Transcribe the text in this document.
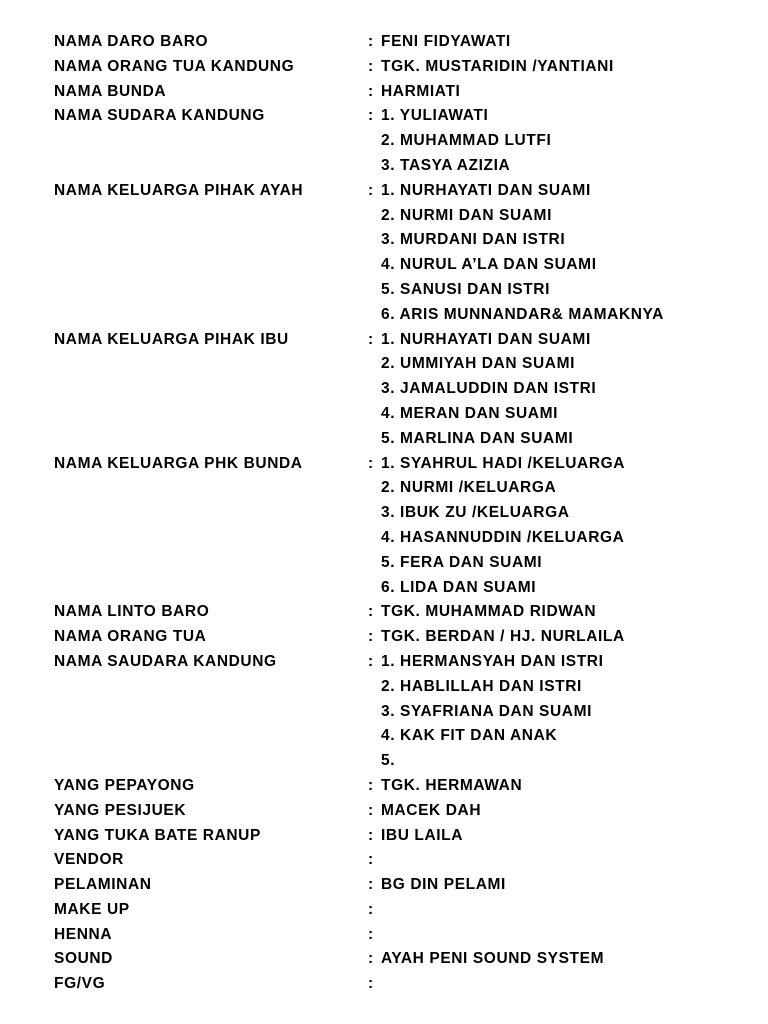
NAMA DARO BARO	: FENI FIDYAWATI
NAMA ORANG TUA KANDUNG	: TGK. MUSTARIDIN /YANTIANI
NAMA BUNDA	: HARMIATI
NAMA SUDARA KANDUNG	: 1. YULIAWATI
2. MUHAMMAD LUTFI
3. TASYA AZIZIA
NAMA KELUARGA PIHAK AYAH	: 1. NURHAYATI DAN SUAMI
2. NURMI DAN SUAMI
3. MURDANI DAN ISTRI
4. NURUL A’LA DAN SUAMI
5. SANUSI DAN ISTRI
6. ARIS MUNNANDAR& MAMAKNYA
NAMA KELUARGA PIHAK IBU	: 1. NURHAYATI DAN SUAMI
2. UMMIYAH DAN SUAMI
3. JAMALUDDIN DAN ISTRI
4. MERAN DAN SUAMI
5. MARLINA DAN SUAMI
NAMA KELUARGA PHK BUNDA	: 1. SYAHRUL HADI /KELUARGA
2. NURMI /KELUARGA
3. IBUK ZU /KELUARGA
4. HASANNUDDIN /KELUARGA
5. FERA DAN SUAMI
6. LIDA DAN SUAMI
NAMA LINTO BARO	: TGK. MUHAMMAD RIDWAN
NAMA ORANG TUA	: TGK. BERDAN / HJ. NURLAILA
NAMA SAUDARA KANDUNG	: 1. HERMANSYAH DAN ISTRI
2. HABLILLAH DAN ISTRI
3. SYAFRIANA DAN SUAMI
4. KAK FIT DAN ANAK
5.
YANG PEPAYONG	: TGK. HERMAWAN
YANG PESIJUEK	: MACEK DAH
YANG TUKA BATE RANUP	: IBU LAILA
VENDOR	:
PELAMINAN	: BG DIN PELAMI
MAKE UP	:
HENNA	:
SOUND	: AYAH PENI SOUND SYSTEM
FG/VG	:
